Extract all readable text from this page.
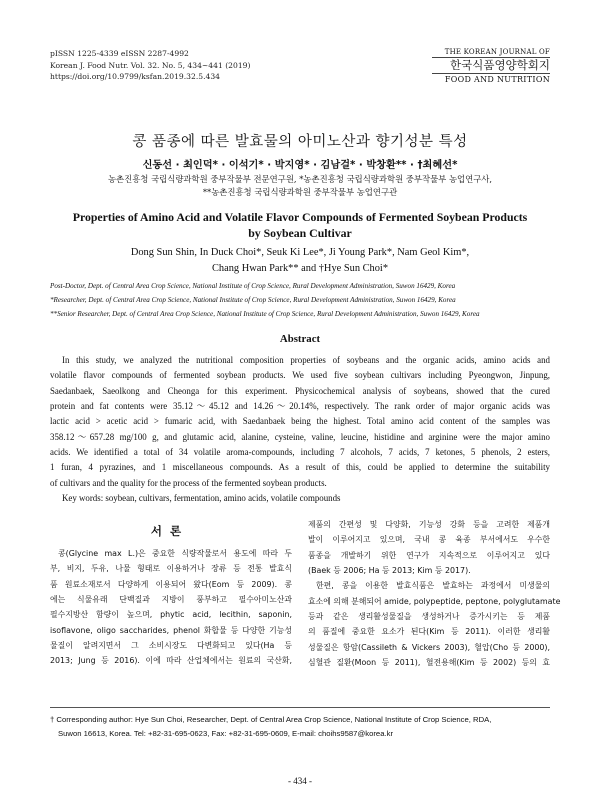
pISSN 1225-4339 eISSN 2287-4992
Korean J. Food Nutr. Vol. 32. No. 5, 434~441 (2019)
https://doi.org/10.9799/ksfan.2019.32.5.434
THE KOREAN JOURNAL OF
한국식품영양학회지
FOOD AND NUTRITION
콩 품종에 따른 발효물의 아미노산과 향기성분 특성
신동선 · 최인덕* · 이석기* · 박지영* · 김남걸* · 박창환** · †최혜선*
농촌진흥청 국립식량과학원 중부작물부 전문연구원, *농촌진흥청 국립식량과학원 중부작물부 농업연구사,
**농촌진흥청 국립식량과학원 중부작물부 농업연구관
Properties of Amino Acid and Volatile Flavor Compounds of Fermented Soybean Products
by Soybean Cultivar
Dong Sun Shin, In Duck Choi*, Seuk Ki Lee*, Ji Young Park*, Nam Geol Kim*,
Chang Hwan Park** and †Hye Sun Choi*
Post-Doctor, Dept. of Central Area Crop Science, National Institute of Crop Science, Rural Development Administration, Suwon 16429, Korea
*Researcher, Dept. of Central Area Crop Science, National Institute of Crop Science, Rural Development Administration, Suwon 16429, Korea
**Senior Researcher, Dept. of Central Area Crop Science, National Institute of Crop Science, Rural Development Administration, Suwon 16429, Korea
Abstract
In this study, we analyzed the nutritional composition properties of soybeans and the organic acids, amino acids and
volatile flavor compounds of fermented soybean products. We used five soybean cultivars including Pyeongwon, Jinpung,
Saedanbaek, Saeolkong and Cheonga for this experiment. Physicochemical analysis of soybeans, showed that the cured
protein and fat contents were 35.12～45.12 and 14.26～20.14%, respectively. The rank order of major organic acids was
lactic acid > acetic acid > fumaric acid, with Saedanbaek being the highest. Total amino acid content of the samples was
358.12～657.28 mg/100 g, and glutamic acid, alanine, cysteine, valine, leucine, histidine and arginine were the major amino
acids. We identified a total of 34 volatile aroma-compounds, including 7 alcohols, 7 acids, 7 ketones, 5 phenols, 2 esters,
1 furan, 4 pyrazines, and 1 miscellaneous compounds. As a result of this, could be applied to determine the suitability
of cultivars and the quality for the process of the fermented soybean products.
Key words: soybean, cultivars, fermentation, amino acids, volatile compounds
서론
콩(Glycine max L.)은 중요한 식량작물로서 용도에 따라 두
부, 비지, 두유, 나물 형태로 이용하거나 장류 등 전통 발효식
품 원료소재로서 다양하게 이용되어 왔다(Eom 등 2009). 콩
에는 식물유래 단백질과 지방이 풍부하고 필수아미노산과
필수지방산 함량이 높으며, phytic acid, lecithin, saponin,
isoflavone, oligo saccharides, phenol 화합물 등 다양한 기능성
물질이 알려지면서 그 소비시장도 다변화되고 있다(Ha 등
2013; Jung 등 2016). 이에 따라 산업체에서는 원료의 국산화,
제품의 간편성 및 다양화, 기능성 강화 등을 고려한 제품개
발이 이루어지고 있으며, 국내 콩 육종 부서에서도 우수한
품종을 개발하기 위한 연구가 지속적으로 이루어지고 있다
(Baek 등 2006; Ha 등 2013; Kim 등 2017).
한편, 콩을 이용한 발효식품은 발효하는 과정에서 미생물의
효소에 의해 분해되어 amide, polypeptide, peptone, polyglutamate
등과 같은 생리활성물질을 생성하거나 증가시키는 등 제품
의 품질에 중요한 요소가 된다(Kim 등 2011). 이러한 생리활
성물질은 항암(Cassileth & Vickers 2003), 혈압(Cho 등 2000),
심혈관 질환(Moon 등 2011), 혈전용해(Kim 등 2002) 등의 효
† Corresponding author: Hye Sun Choi, Researcher, Dept. of Central Area Crop Science, National Institute of Crop Science, RDA,
Suwon 16613, Korea. Tel: +82-31-695-0623, Fax: +82-31-695-0609, E-mail: choihs9587@korea.kr
- 434 -
